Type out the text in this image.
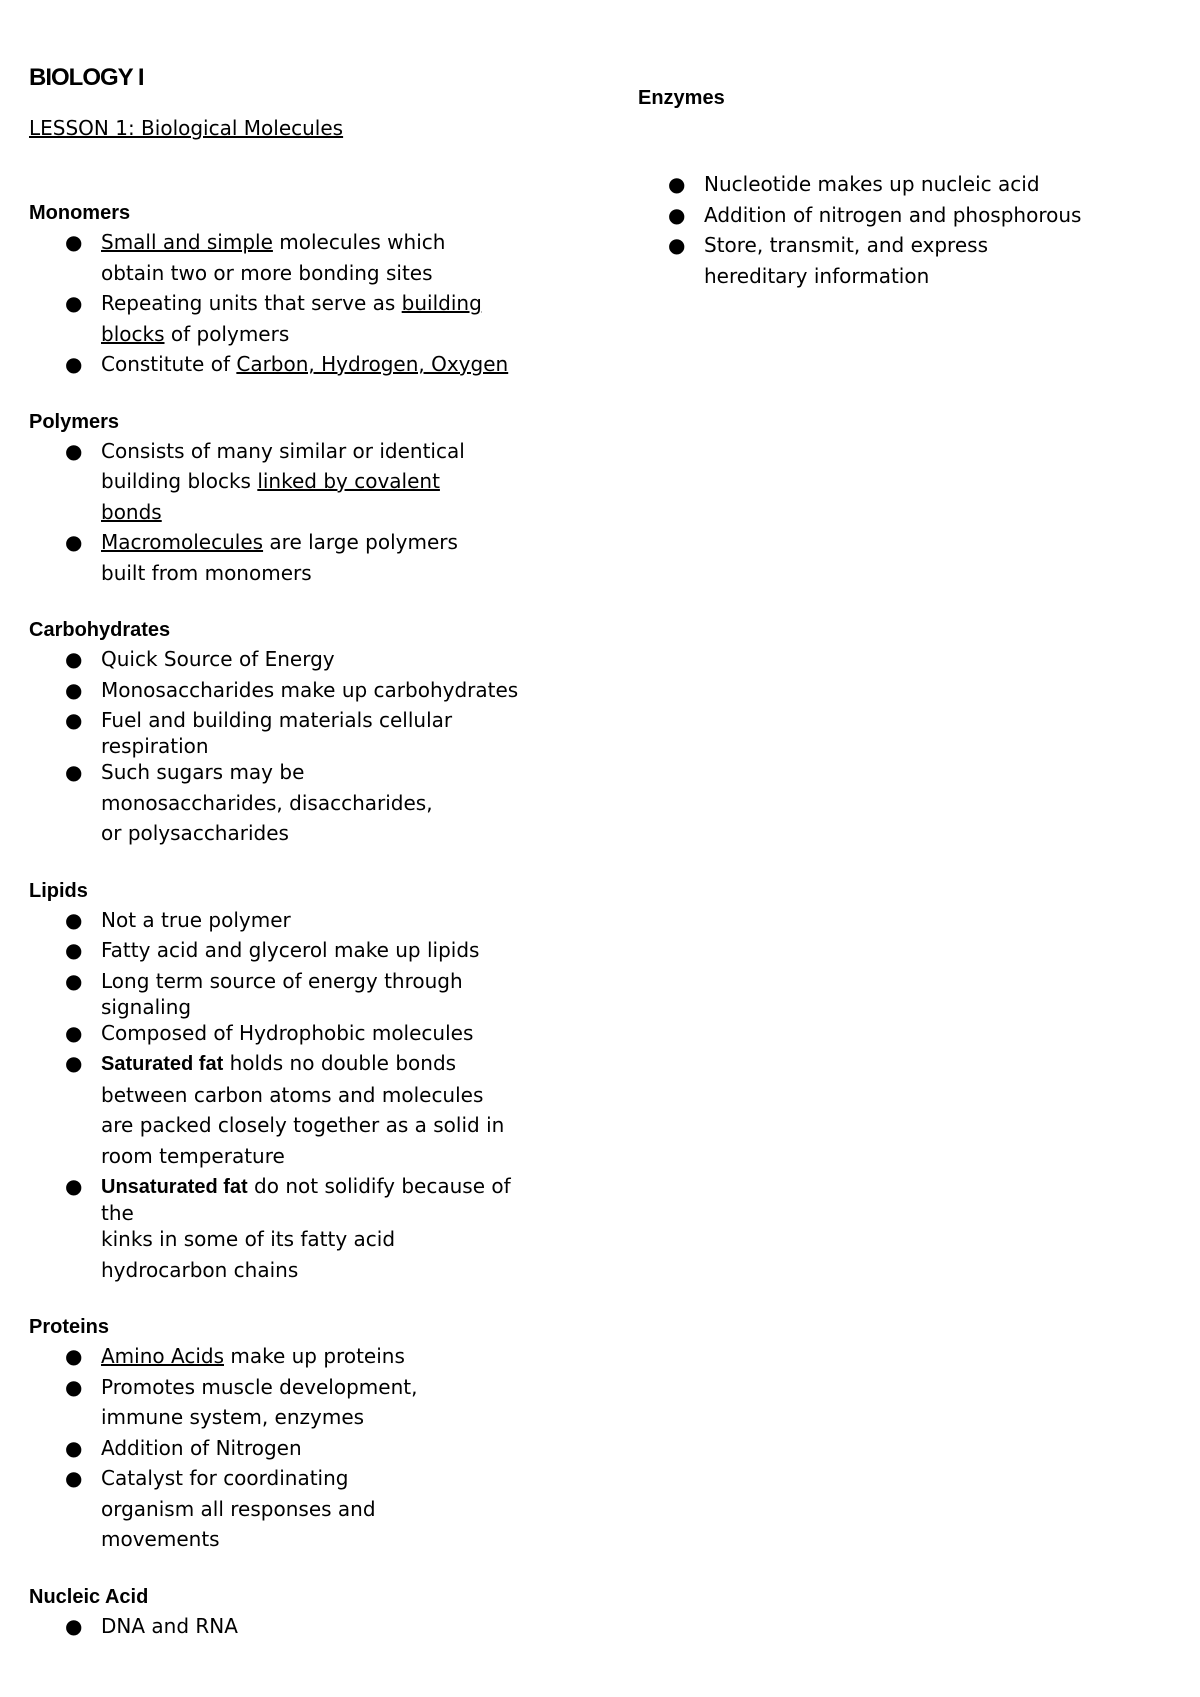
BIOLOGY I
LESSON 1: Biological Molecules
Monomers
● Small and simple molecules which
obtain two or more bonding sites
● Repeating units that serve as building
blocks of polymers
● Constitute of Carbon, Hydrogen, Oxygen
Polymers
● Consists of many similar or identical
building blocks linked by covalent
bonds
● Macromolecules are large polymers
built from monomers
Carbohydrates
● Quick Source of Energy
● Monosaccharides make up carbohydrates
● Fuel and building materials cellular
respiration
● Such sugars may be
monosaccharides, disaccharides,
or polysaccharides
Lipids
● Not a true polymer
● Fatty acid and glycerol make up lipids
● Long term source of energy through
signaling
● Composed of Hydrophobic molecules
● Saturated fat holds no double bonds
between carbon atoms and molecules
are packed closely together as a solid in
room temperature
● Unsaturated fat do not solidify because of
the
kinks in some of its fatty acid
hydrocarbon chains
Proteins
● Amino Acids make up proteins
● Promotes muscle development,
immune system, enzymes
● Addition of Nitrogen
● Catalyst for coordinating
organism all responses and
movements
Nucleic Acid
● DNA and RNA
Enzymes
● Nucleotide makes up nucleic acid
● Addition of nitrogen and phosphorous
● Store, transmit, and express
hereditary information
